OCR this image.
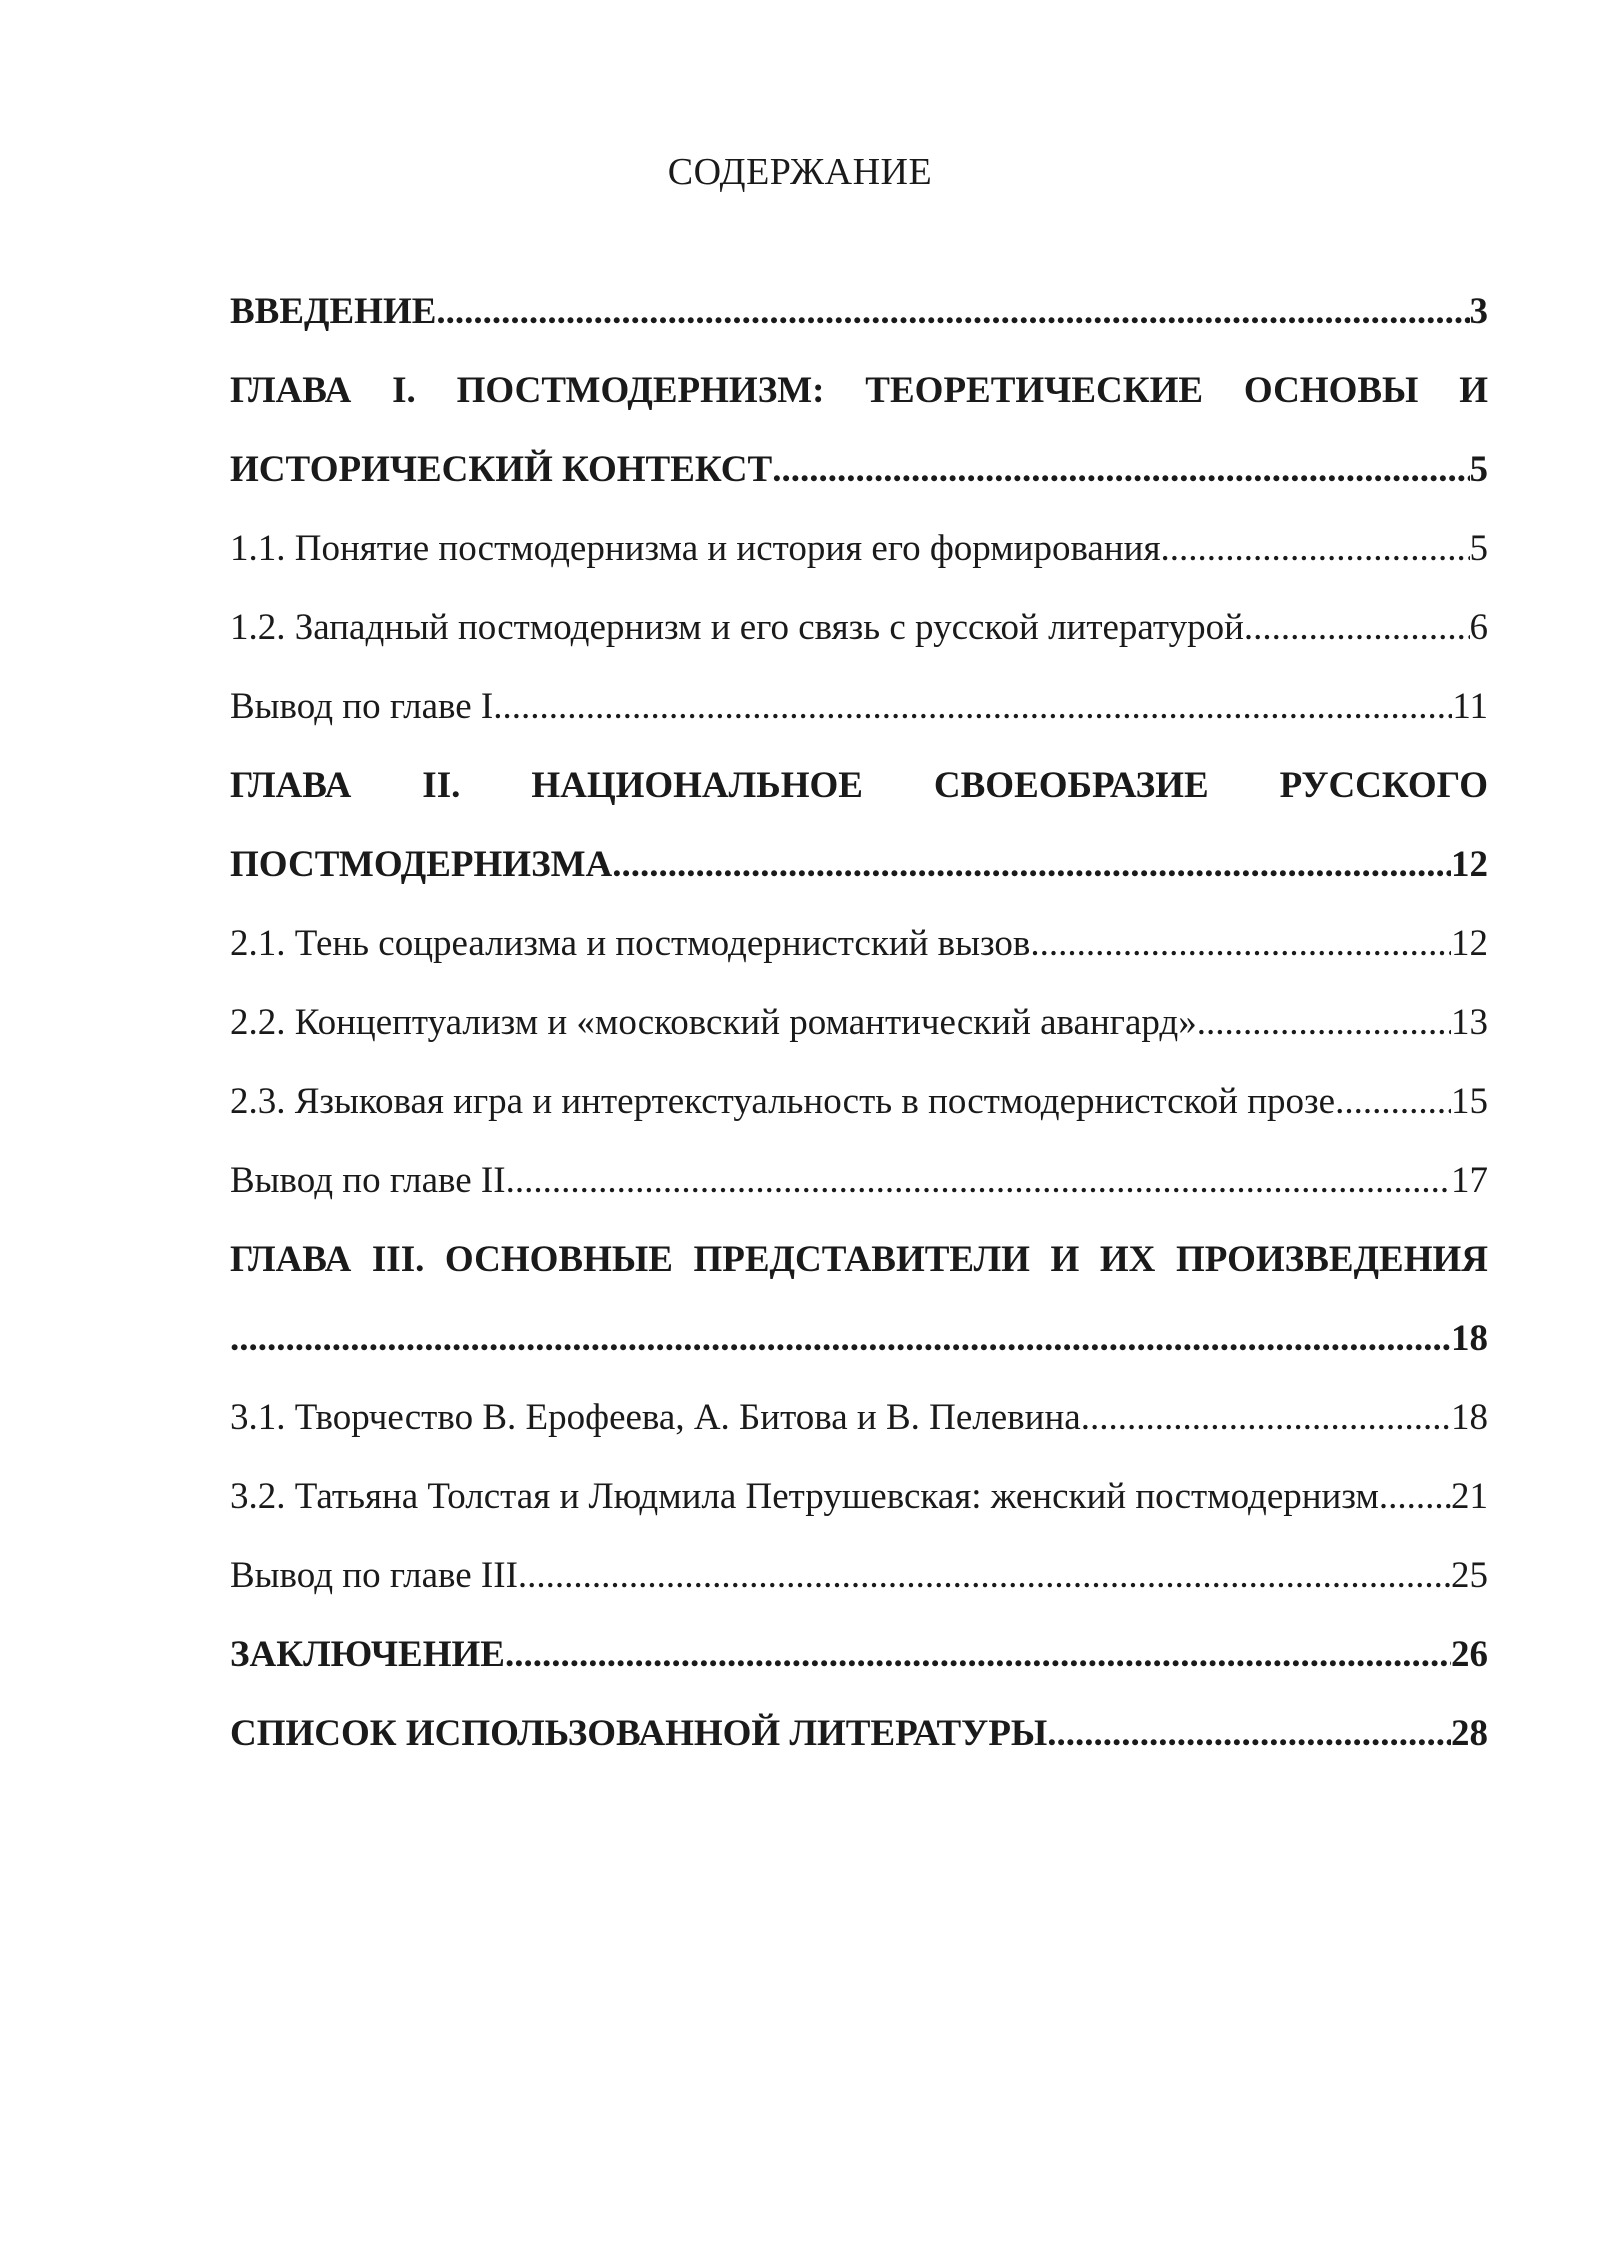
СОДЕРЖАНИЕ
ВВЕДЕНИЕ .....	3
ГЛАВА I. ПОСТМОДЕРНИЗМ: ТЕОРЕТИЧЕСКИЕ ОСНОВЫ И
ИСТОРИЧЕСКИЙ КОНТЕКСТ .....	5
1.1. Понятие постмодернизма и история его формирования .....	5
1.2. Западный постмодернизм и его связь с русской литературой .....	6
Вывод по главе I .....	11
ГЛАВА II. НАЦИОНАЛЬНОЕ СВОЕОБРАЗИЕ РУССКОГО
ПОСТМОДЕРНИЗМА .....	12
2.1. Тень соцреализма и постмодернистский вызов .....	12
2.2. Концептуализм и «московский романтический авангард» .....	13
2.3. Языковая игра и интертекстуальность в постмодернистской прозе .....	15
Вывод по главе II .....	17
ГЛАВА III. ОСНОВНЫЕ ПРЕДСТАВИТЕЛИ И ИХ ПРОИЗВЕДЕНИЯ
.....
18
3.1. Творчество В. Ерофеева, А. Битова и В. Пелевина .....	18
3.2. Татьяна Толстая и Людмила Петрушевская: женский постмодернизм ..... 21
Вывод по главе III .....	25
ЗАКЛЮЧЕНИЕ .....	26
СПИСОК ИСПОЛЬЗОВАННОЙ ЛИТЕРАТУРЫ .....	28
